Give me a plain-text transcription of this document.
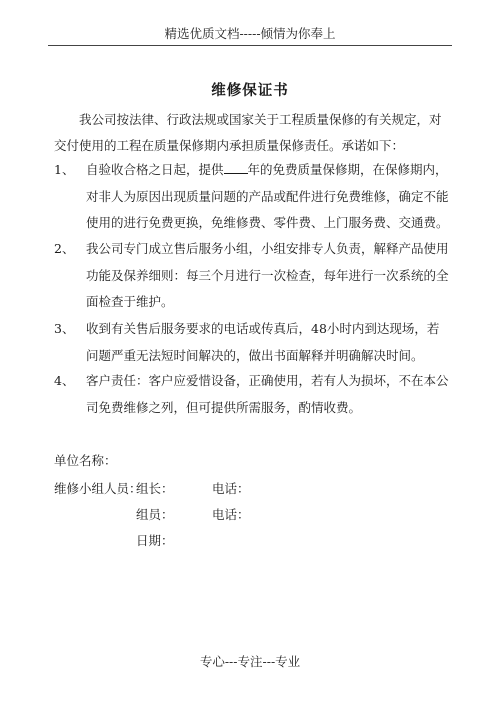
精选优质文档-----倾情为你奉上
维修保证书
我公司按法律、行政法规或国家关于工程质量保修的有关规定，对交付使用的工程在质量保修期内承担质量保修责任。承诺如下：
1、 自验收合格之日起，提供 年的免费质量保修期，在保修期内，对非人为原因出现质量问题的产品或配件进行免费维修，确定不能使用的进行免费更换，免维修费、零件费、上门服务费、交通费。
2、 我公司专门成立售后服务小组，小组安排专人负责，解释产品使用功能及保养细则：每三个月进行一次检查，每年进行一次系统的全面检查于维护。
3、 收到有关售后服务要求的电话或传真后，48小时内到达现场，若问题严重无法短时间解决的，做出书面解释并明确解决时间。
4、 客户责任：客户应爱惜设备，正确使用，若有人为损坏，不在本公司免费维修之列，但可提供所需服务，酌情收费。
单位名称：
维修小组人员：
组长：	电话：
组员：	电话：
日期：
专心---专注---专业
